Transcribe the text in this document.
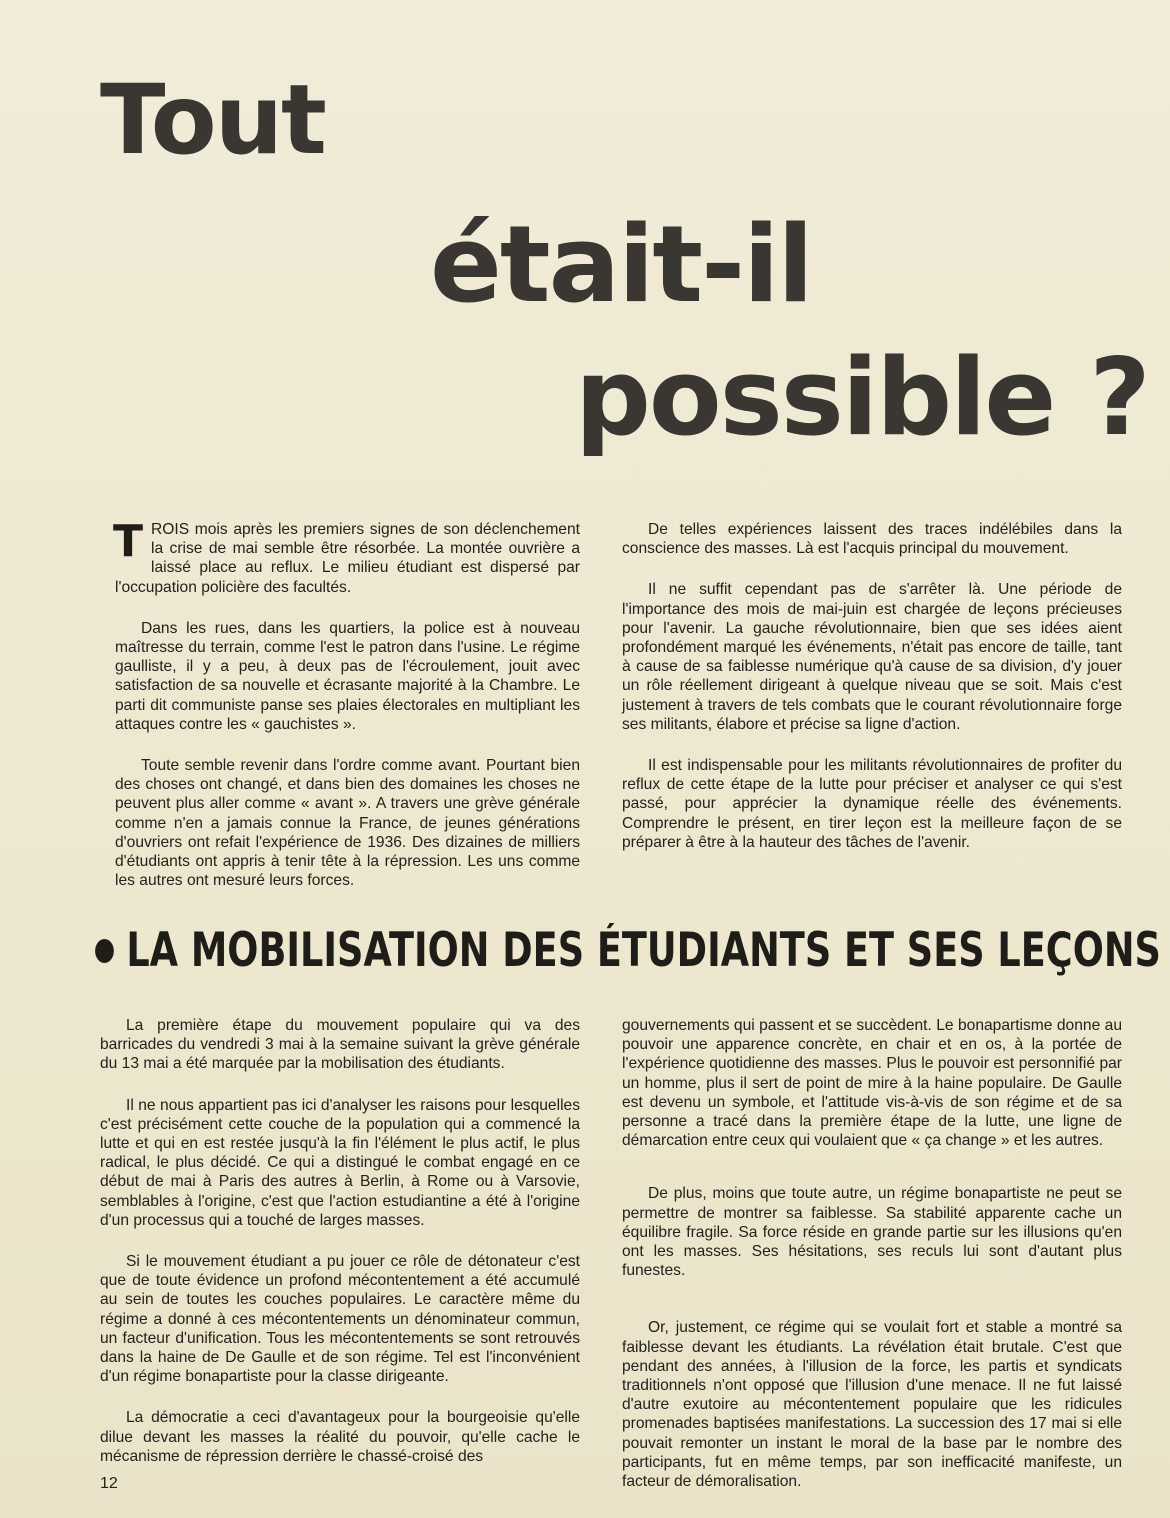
Tout
était-il
possible ?

TROIS mois après les premiers signes de son déclenchement la crise de mai semble être résorbée. La montée ouvrière a laissé place au reflux. Le milieu étudiant est dispersé par l'occupation policière des facultés.

Dans les rues, dans les quartiers, la police est à nouveau maîtresse du terrain, comme l'est le patron dans l'usine. Le régime gaulliste, il y a peu, à deux pas de l'écroulement, jouit avec satisfaction de sa nouvelle et écrasante majorité à la Chambre. Le parti dit communiste panse ses plaies électorales en multipliant les attaques contre les « gauchistes ».

Toute semble revenir dans l'ordre comme avant. Pourtant bien des choses ont changé, et dans bien des domaines les choses ne peuvent plus aller comme « avant ». A travers une grève générale comme n'en a jamais connue la France, de jeunes générations d'ouvriers ont refait l'expérience de 1936. Des dizaines de milliers d'étudiants ont appris à tenir tête à la répression. Les uns comme les autres ont mesuré leurs forces.

De telles expériences laissent des traces indélébiles dans la conscience des masses. Là est l'acquis principal du mouvement.

Il ne suffit cependant pas de s'arrêter là. Une période de l'importance des mois de mai-juin est chargée de leçons précieuses pour l'avenir. La gauche révolutionnaire, bien que ses idées aient profondément marqué les événements, n'était pas encore de taille, tant à cause de sa faiblesse numérique qu'à cause de sa division, d'y jouer un rôle réellement dirigeant à quelque niveau que se soit. Mais c'est justement à travers de tels combats que le courant révolutionnaire forge ses militants, élabore et précise sa ligne d'action.

Il est indispensable pour les militants révolutionnaires de profiter du reflux de cette étape de la lutte pour préciser et analyser ce qui s'est passé, pour apprécier la dynamique réelle des événements. Comprendre le présent, en tirer leçon est la meilleure façon de se préparer à être à la hauteur des tâches de l'avenir.

LA MOBILISATION DES ÉTUDIANTS ET SES LEÇONS

La première étape du mouvement populaire qui va des barricades du vendredi 3 mai à la semaine suivant la grève générale du 13 mai a été marquée par la mobilisation des étudiants.

Il ne nous appartient pas ici d'analyser les raisons pour lesquelles c'est précisément cette couche de la population qui a commencé la lutte et qui en est restée jusqu'à la fin l'élément le plus actif, le plus radical, le plus décidé. Ce qui a distingué le combat engagé en ce début de mai à Paris des autres à Berlin, à Rome ou à Varsovie, semblables à l'origine, c'est que l'action estudiantine a été à l'origine d'un processus qui a touché de larges masses.

Si le mouvement étudiant a pu jouer ce rôle de détonateur c'est que de toute évidence un profond mécontentement a été accumulé au sein de toutes les couches populaires. Le caractère même du régime a donné à ces mécontentements un dénominateur commun, un facteur d'unification. Tous les mécontentements se sont retrouvés dans la haine de De Gaulle et de son régime. Tel est l'inconvénient d'un régime bonapartiste pour la classe dirigeante.

La démocratie a ceci d'avantageux pour la bourgeoisie qu'elle dilue devant les masses la réalité du pouvoir, qu'elle cache le mécanisme de répression derrière le chassé-croisé des

gouvernements qui passent et se succèdent. Le bonapartisme donne au pouvoir une apparence concrète, en chair et en os, à la portée de l'expérience quotidienne des masses. Plus le pouvoir est personnifié par un homme, plus il sert de point de mire à la haine populaire. De Gaulle est devenu un symbole, et l'attitude vis-à-vis de son régime et de sa personne a tracé dans la première étape de la lutte, une ligne de démarcation entre ceux qui voulaient que « ça change » et les autres.

De plus, moins que toute autre, un régime bonapartiste ne peut se permettre de montrer sa faiblesse. Sa stabilité apparente cache un équilibre fragile. Sa force réside en grande partie sur les illusions qu'en ont les masses. Ses hésitations, ses reculs lui sont d'autant plus funestes.

Or, justement, ce régime qui se voulait fort et stable a montré sa faiblesse devant les étudiants. La révélation était brutale. C'est que pendant des années, à l'illusion de la force, les partis et syndicats traditionnels n'ont opposé que l'illusion d'une menace. Il ne fut laissé d'autre exutoire au mécontentement populaire que les ridicules promenades baptisées manifestations. La succession des 17 mai si elle pouvait remonter un instant le moral de la base par le nombre des participants, fut en même temps, par son inefficacité manifeste, un facteur de démoralisation.

12
